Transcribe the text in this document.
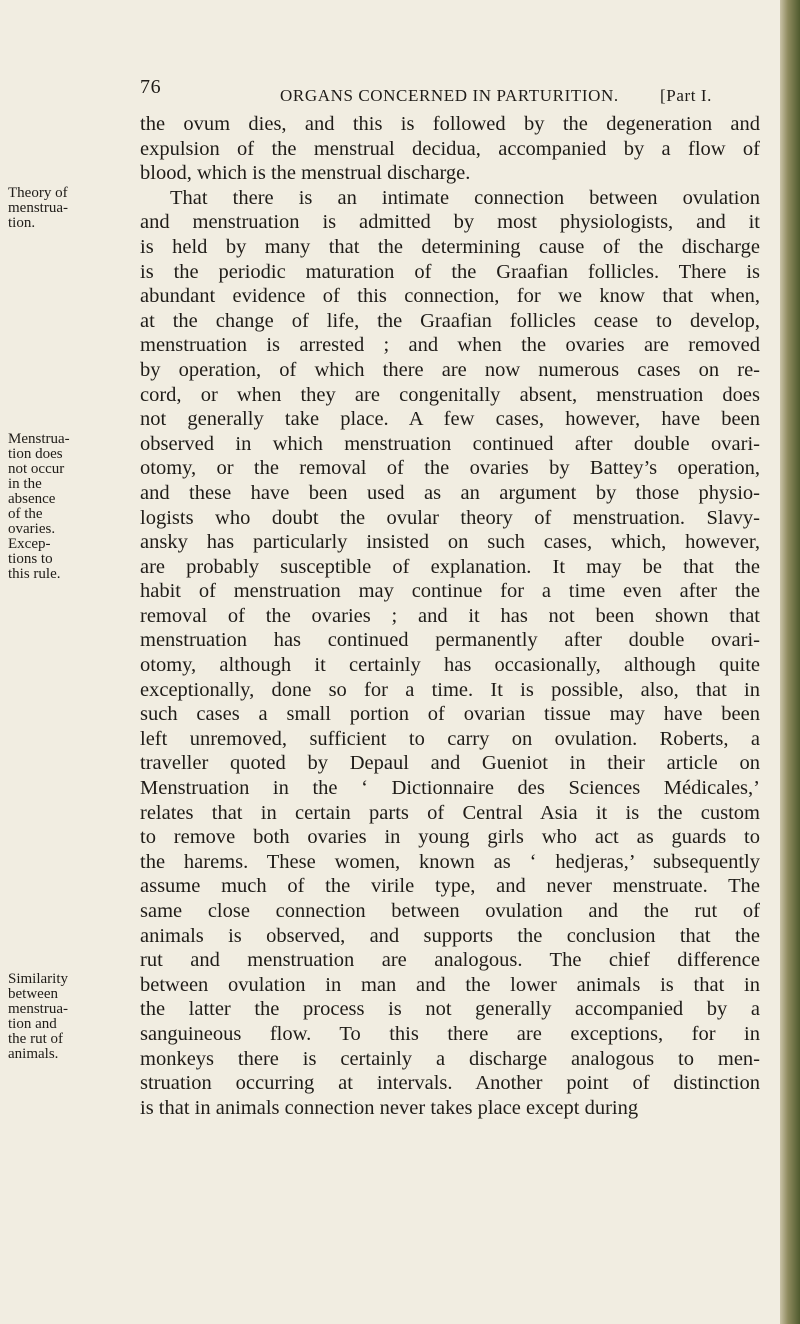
76	ORGANS CONCERNED IN PARTURITION. [Part I.
Theory of
menstrua-
tion.
Menstrua-
tion does
not occur
in the
absence
of the
ovaries.
Excep-
tions to
this rule.
Similarity
between
menstrua-
tion and
the rut of
animals.
the ovum dies, and this is followed by the degeneration and
expulsion of the menstrual decidua, accompanied by a flow of
blood, which is the menstrual discharge.
That there is an intimate connection between ovulation
and menstruation is admitted by most physiologists, and it
is held by many that the determining cause of the discharge
is the periodic maturation of the Graafian follicles. There is
abundant evidence of this connection, for we know that when,
at the change of life, the Graafian follicles cease to develop,
menstruation is arrested ; and when the ovaries are removed
by operation, of which there are now numerous cases on re-
cord, or when they are congenitally absent, menstruation does
not generally take place. A few cases, however, have been
observed in which menstruation continued after double ovari-
otomy, or the removal of the ovaries by Battey’s operation,
and these have been used as an argument by those physio-
logists who doubt the ovular theory of menstruation. Slavy-
ansky has particularly insisted on such cases, which, however,
are probably susceptible of explanation. It may be that the
habit of menstruation may continue for a time even after the
removal of the ovaries ; and it has not been shown that
menstruation has continued permanently after double ovari-
otomy, although it certainly has occasionally, although quite
exceptionally, done so for a time. It is possible, also, that in
such cases a small portion of ovarian tissue may have been
left unremoved, sufficient to carry on ovulation. Roberts, a
traveller quoted by Depaul and Gueniot in their article on
Menstruation in the ‘ Dictionnaire des Sciences Médicales,’
relates that in certain parts of Central Asia it is the custom
to remove both ovaries in young girls who act as guards to
the harems. These women, known as ‘ hedjeras,’ subsequently
assume much of the virile type, and never menstruate. The
same close connection between ovulation and the rut of
animals is observed, and supports the conclusion that the
rut and menstruation are analogous. The chief difference
between ovulation in man and the lower animals is that in
the latter the process is not generally accompanied by a
sanguineous flow. To this there are exceptions, for in
monkeys there is certainly a discharge analogous to men-
struation occurring at intervals. Another point of distinction
is that in animals connection never takes place except during
